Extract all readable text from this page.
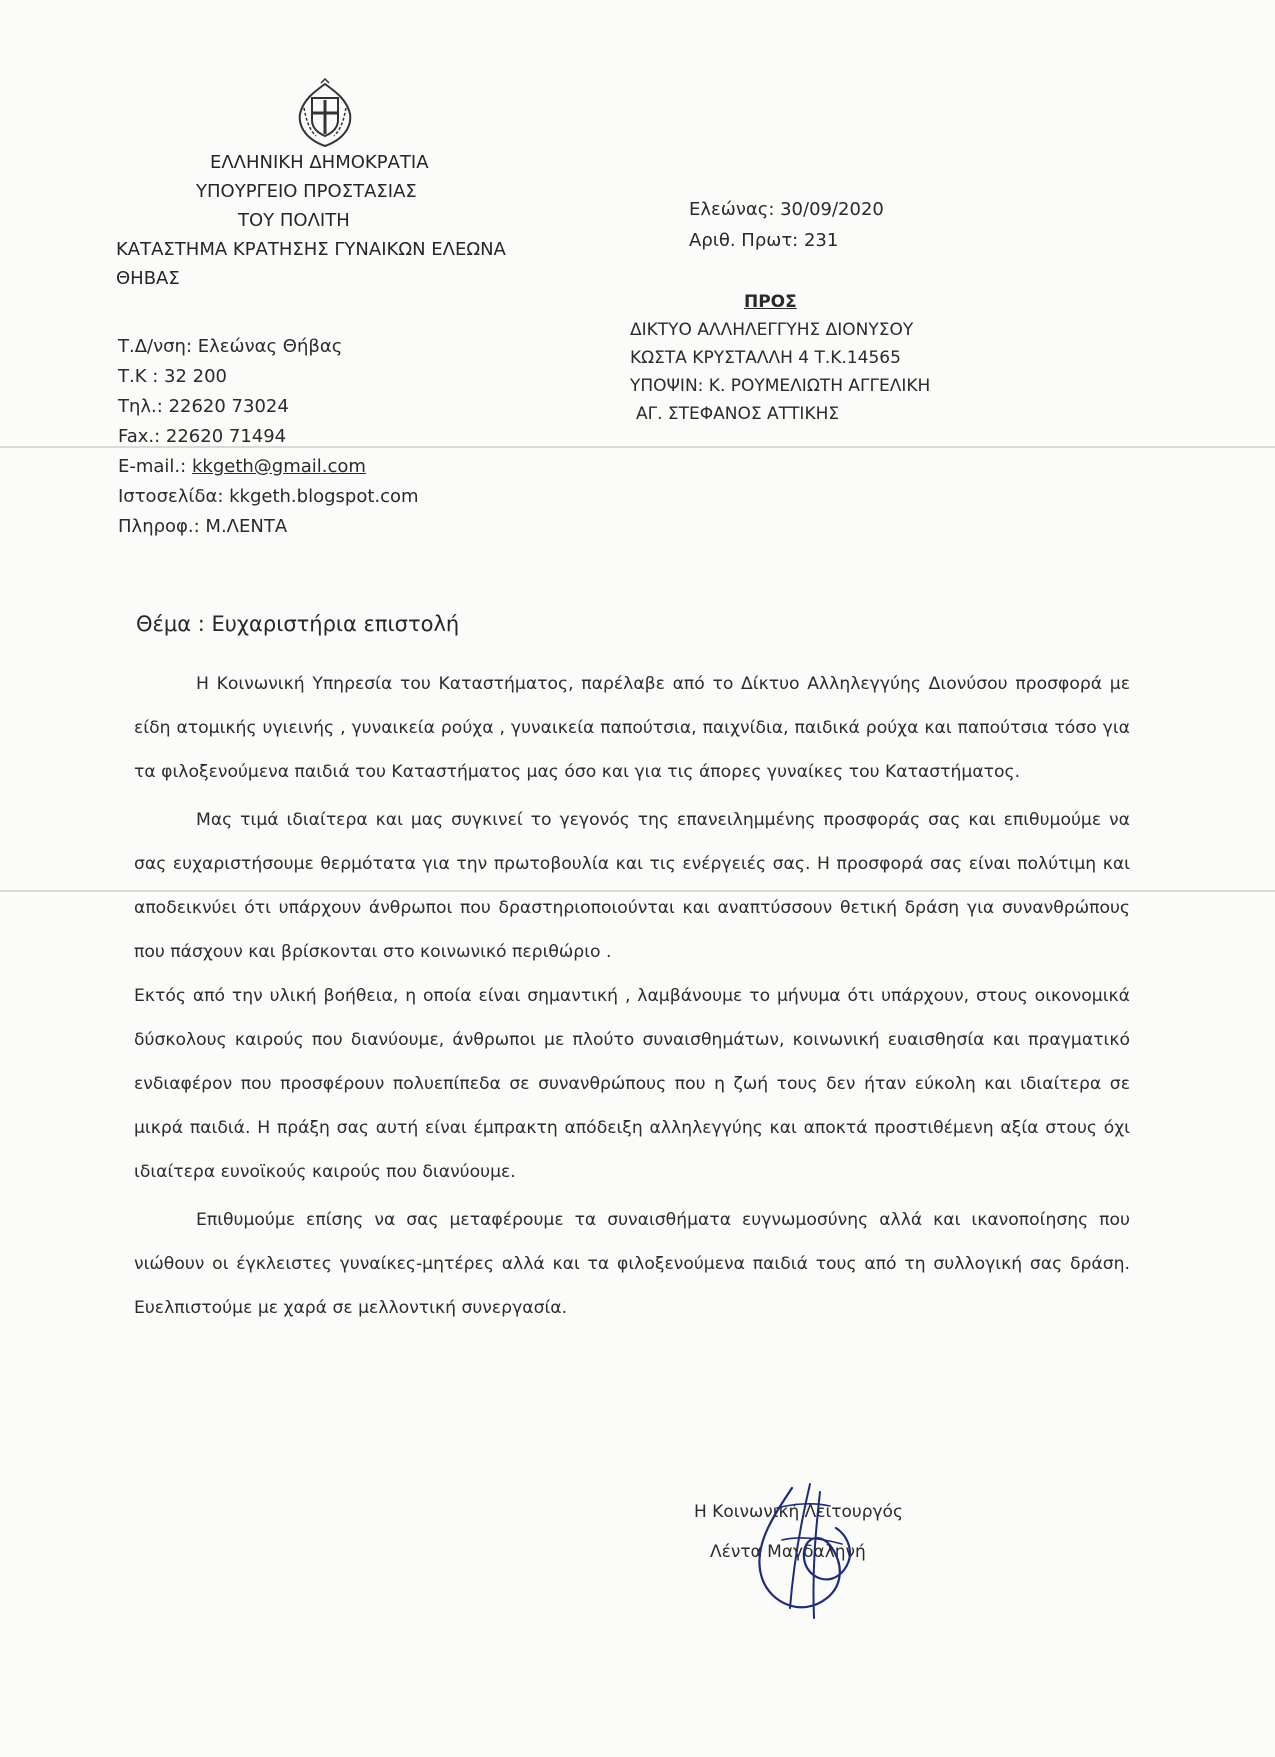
ΕΛΛΗΝΙΚΗ ΔΗΜΟΚΡΑΤΙΑ
ΥΠΟΥΡΓΕΙΟ ΠΡΟΣΤΑΣΙΑΣ
ΤΟΥ ΠΟΛΙΤΗ
ΚΑΤΑΣΤΗΜΑ ΚΡΑΤΗΣΗΣ ΓΥΝΑΙΚΩΝ ΕΛΕΩΝΑ
ΘΗΒΑΣ
Ελεώνας: 30/09/2020
Αριθ. Πρωτ: 231
ΠΡΟΣ
ΔΙΚΤΥΟ ΑΛΛΗΛΕΓΓΥΗΣ ΔΙΟΝΥΣΟΥ
ΚΩΣΤΑ ΚΡΥΣΤΑΛΛΗ 4 Τ.Κ.14565
ΥΠΟΨΙΝ: Κ. ΡΟΥΜΕΛΙΩΤΗ ΑΓΓΕΛΙΚΗ
ΑΓ. ΣΤΕΦΑΝΟΣ ΑΤΤΙΚΗΣ
Τ.Δ/νση: Ελεώνας Θήβας
Τ.Κ : 32 200
Τηλ.: 22620 73024
Fax.: 22620 71494
E-mail.: kkgeth@gmail.com
Ιστοσελίδα: kkgeth.blogspot.com
Πληροφ.: Μ.ΛΕΝΤΑ
Θέμα : Ευχαριστήρια επιστολή

Η Κοινωνική Υπηρεσία του Καταστήματος, παρέλαβε από το Δίκτυο Αλληλεγγύης Διονύσου προσφορά με είδη ατομικής υγιεινής , γυναικεία ρούχα , γυναικεία παπούτσια, παιχνίδια, παιδικά ρούχα και παπούτσια τόσο για τα φιλοξενούμενα παιδιά του Καταστήματος μας όσο και για τις άπορες γυναίκες του Καταστήματος.

Μας τιμά ιδιαίτερα και μας συγκινεί το γεγονός της επανειλημμένης προσφοράς σας και επιθυμούμε να σας ευχαριστήσουμε θερμότατα για την πρωτοβουλία και τις ενέργειές σας. Η προσφορά σας είναι πολύτιμη και αποδεικνύει ότι υπάρχουν άνθρωποι που δραστηριοποιούνται και αναπτύσσουν θετική δράση για συνανθρώπους που πάσχουν και βρίσκονται στο κοινωνικό περιθώριο .

Εκτός από την υλική βοήθεια, η οποία είναι σημαντική , λαμβάνουμε το μήνυμα ότι υπάρχουν, στους οικονομικά δύσκολους καιρούς που διανύουμε, άνθρωποι με πλούτο συναισθημάτων, κοινωνική ευαισθησία και πραγματικό ενδιαφέρον που προσφέρουν πολυεπίπεδα σε συνανθρώπους που η ζωή τους δεν ήταν εύκολη και ιδιαίτερα σε μικρά παιδιά. Η πράξη σας αυτή είναι έμπρακτη απόδειξη αλληλεγγύης και αποκτά προστιθέμενη αξία στους όχι ιδιαίτερα ευνοϊκούς καιρούς που διανύουμε.

Επιθυμούμε επίσης να σας μεταφέρουμε τα συναισθήματα ευγνωμοσύνης αλλά και ικανοποίησης που νιώθουν οι έγκλειστες γυναίκες-μητέρες αλλά και τα φιλοξενούμενα παιδιά τους από τη συλλογική σας δράση. Ευελπιστούμε με χαρά σε μελλοντική συνεργασία.

Η Κοινωνική Λειτουργός
Λέντα Μαγδαληνή
